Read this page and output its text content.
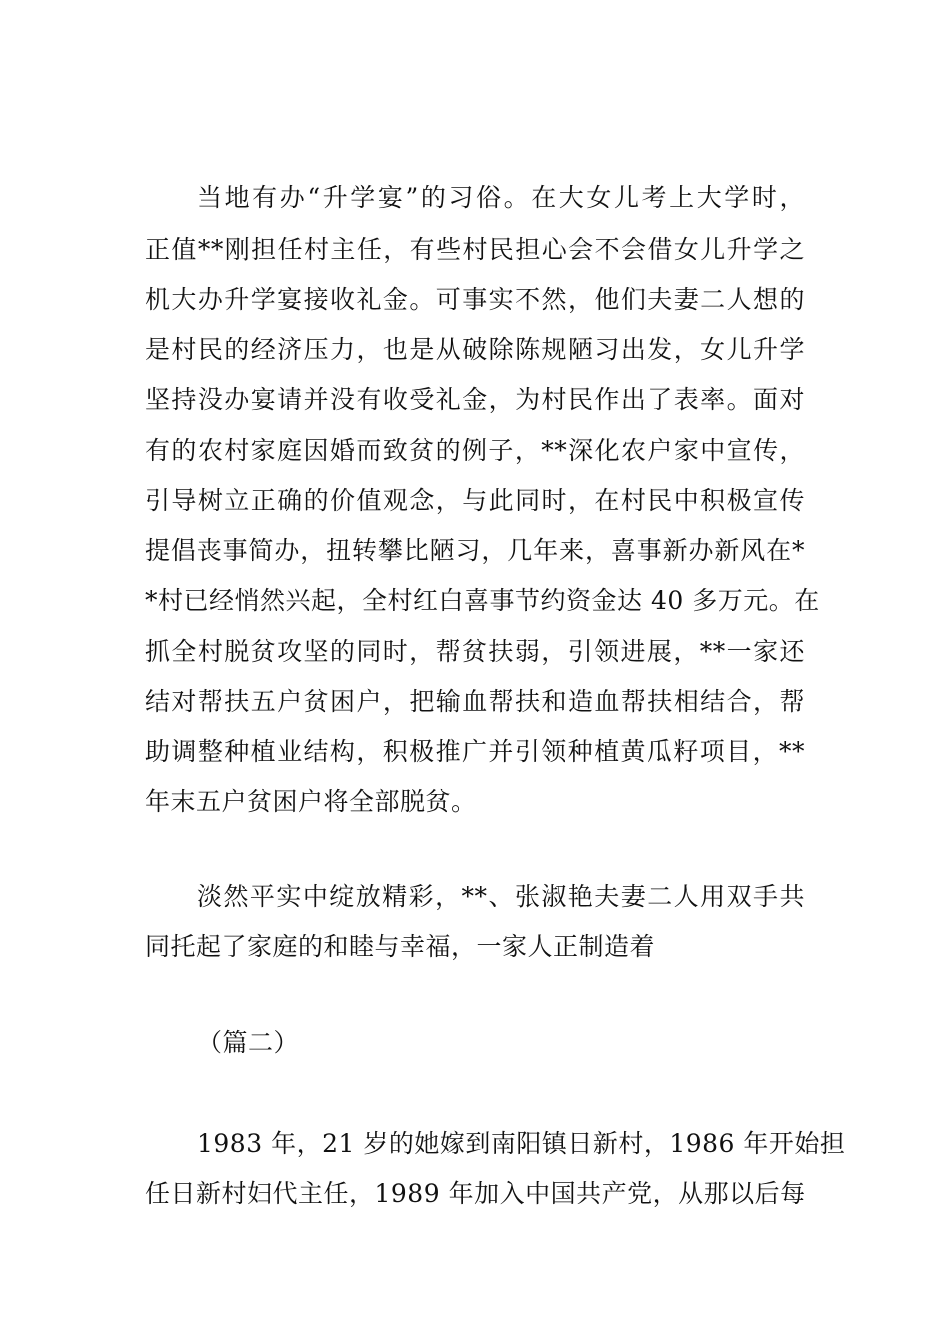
当地有办“升学宴”的习俗。在大女儿考上大学时，
正值**刚担任村主任，有些村民担心会不会借女儿升学之
机大办升学宴接收礼金。可事实不然，他们夫妻二人想的
是村民的经济压力，也是从破除陈规陋习出发，女儿升学
坚持没办宴请并没有收受礼金，为村民作出了表率。面对
有的农村家庭因婚而致贫的例子，**深化农户家中宣传，
引导树立正确的价值观念，与此同时，在村民中积极宣传
提倡丧事简办，扭转攀比陋习，几年来，喜事新办新风在*
*村已经悄然兴起，全村红白喜事节约资金达 40 多万元。在
抓全村脱贫攻坚的同时，帮贫扶弱，引领进展，**一家还
结对帮扶五户贫困户，把输血帮扶和造血帮扶相结合，帮
助调整种植业结构，积极推广并引领种植黄瓜籽项目，**
年末五户贫困户将全部脱贫。
淡然平实中绽放精彩，**、张淑艳夫妻二人用双手共
同托起了家庭的和睦与幸福，一家人正制造着
（篇二）
1983 年，21 岁的她嫁到南阳镇日新村，1986 年开始担
任日新村妇代主任，1989 年加入中国共产党，从那以后每
